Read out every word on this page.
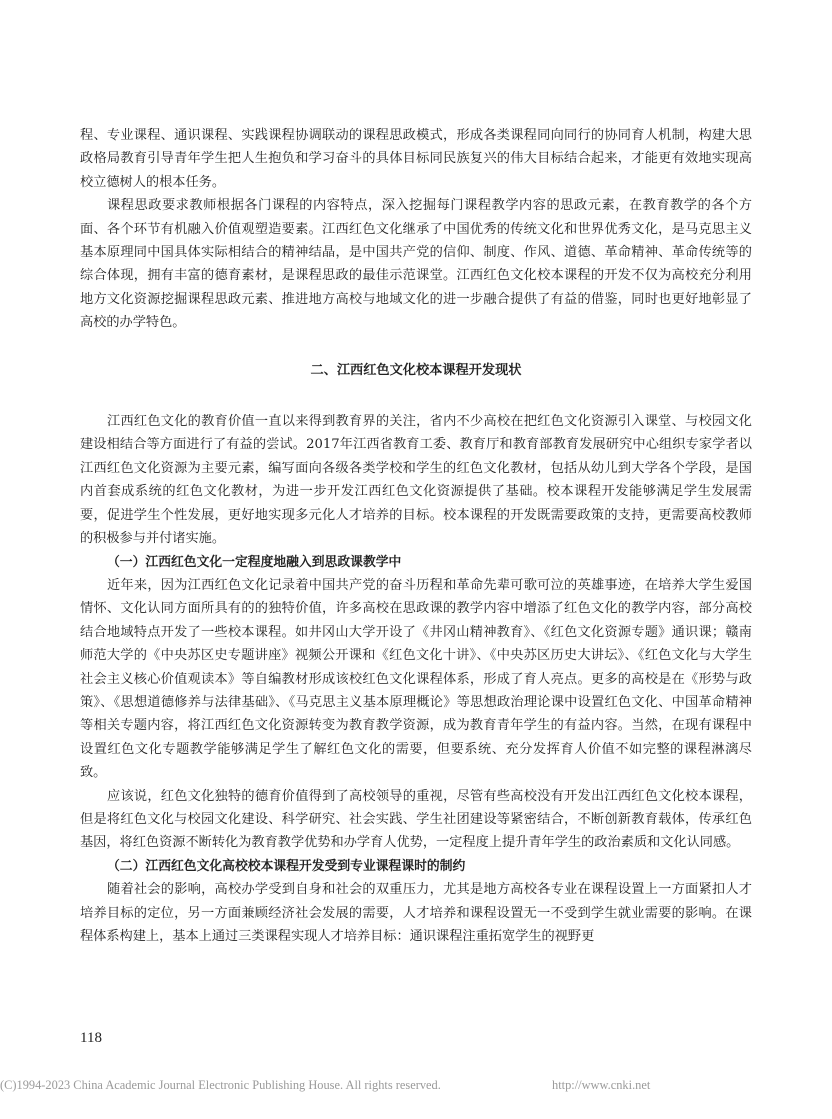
程、专业课程、通识课程、实践课程协调联动的课程思政模式，形成各类课程同向同行的协同育人机制，构建大思政格局教育引导青年学生把人生抱负和学习奋斗的具体目标同民族复兴的伟大目标结合起来，才能更有效地实现高校立德树人的根本任务。

课程思政要求教师根据各门课程的内容特点，深入挖掘每门课程教学内容的思政元素，在教育教学的各个方面、各个环节有机融入价值观塑造要素。江西红色文化继承了中国优秀的传统文化和世界优秀文化，是马克思主义基本原理同中国具体实际相结合的精神结晶，是中国共产党的信仰、制度、作风、道德、革命精神、革命传统等的综合体现，拥有丰富的德育素材，是课程思政的最佳示范课堂。江西红色文化校本课程的开发不仅为高校充分利用地方文化资源挖掘课程思政元素、推进地方高校与地域文化的进一步融合提供了有益的借鉴，同时也更好地彰显了高校的办学特色。

二、江西红色文化校本课程开发现状

江西红色文化的教育价值一直以来得到教育界的关注，省内不少高校在把红色文化资源引入课堂、与校园文化建设相结合等方面进行了有益的尝试。2017年江西省教育工委、教育厅和教育部教育发展研究中心组织专家学者以江西红色文化资源为主要元素，编写面向各级各类学校和学生的红色文化教材，包括从幼儿到大学各个学段，是国内首套成系统的红色文化教材，为进一步开发江西红色文化资源提供了基础。校本课程开发能够满足学生发展需要，促进学生个性发展，更好地实现多元化人才培养的目标。校本课程的开发既需要政策的支持，更需要高校教师的积极参与并付诸实施。

（一）江西红色文化一定程度地融入到思政课教学中

近年来，因为江西红色文化记录着中国共产党的奋斗历程和革命先辈可歌可泣的英雄事迹，在培养大学生爱国情怀、文化认同方面所具有的的独特价值，许多高校在思政课的教学内容中增添了红色文化的教学内容，部分高校结合地域特点开发了一些校本课程。如井冈山大学开设了《井冈山精神教育》、《红色文化资源专题》通识课；赣南师范大学的《中央苏区史专题讲座》视频公开课和《红色文化十讲》、《中央苏区历史大讲坛》、《红色文化与大学生社会主义核心价值观读本》等自编教材形成该校红色文化课程体系，形成了育人亮点。更多的高校是在《形势与政策》、《思想道德修养与法律基础》、《马克思主义基本原理概论》等思想政治理论课中设置红色文化、中国革命精神等相关专题内容，将江西红色文化资源转变为教育教学资源，成为教育青年学生的有益内容。当然，在现有课程中设置红色文化专题教学能够满足学生了解红色文化的需要，但要系统、充分发挥育人价值不如完整的课程淋漓尽致。

应该说，红色文化独特的德育价值得到了高校领导的重视，尽管有些高校没有开发出江西红色文化校本课程，但是将红色文化与校园文化建设、科学研究、社会实践、学生社团建设等紧密结合，不断创新教育载体，传承红色基因，将红色资源不断转化为教育教学优势和办学育人优势，一定程度上提升青年学生的政治素质和文化认同感。

（二）江西红色文化高校校本课程开发受到专业课程课时的制约

随着社会的影响，高校办学受到自身和社会的双重压力，尤其是地方高校各专业在课程设置上一方面紧扣人才培养目标的定位，另一方面兼顾经济社会发展的需要，人才培养和课程设置无一不受到学生就业需要的影响。在课程体系构建上，基本上通过三类课程实现人才培养目标：通识课程注重拓宽学生的视野更

118
(C)1994-2023 China Academic Journal Electronic Publishing House. All rights reserved.	http://www.cnki.net
